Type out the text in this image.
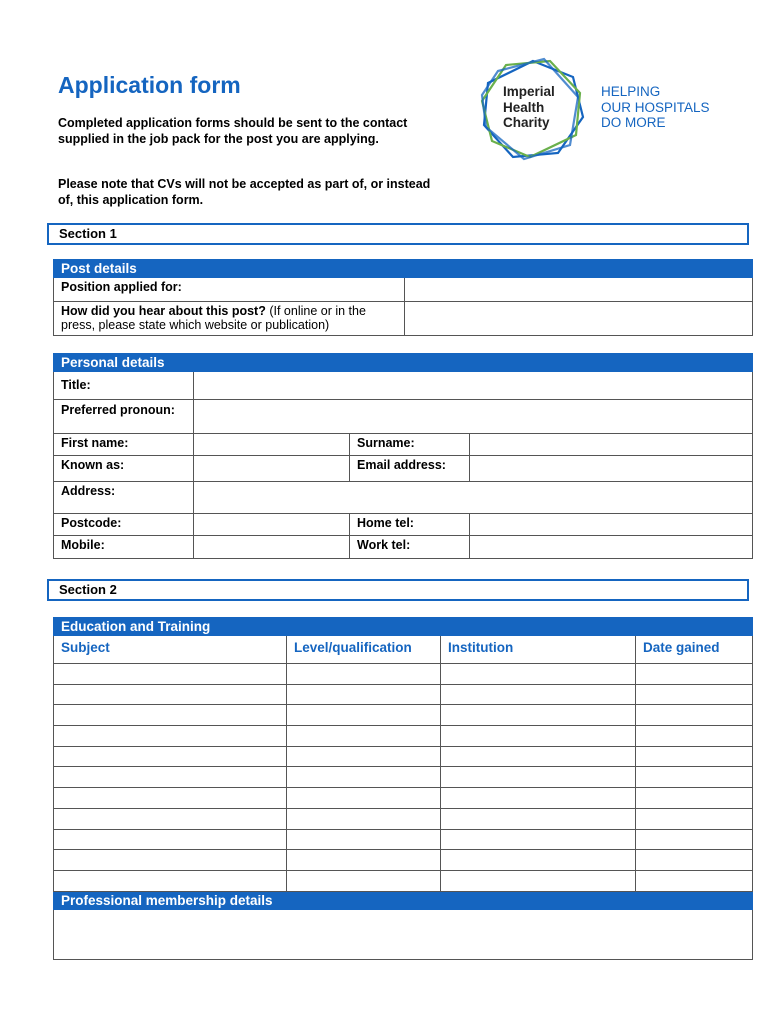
Application form
Completed application forms should be sent to the contact supplied in the job pack for the post you are applying.
Please note that CVs will not be accepted as part of, or instead of, this application form.
Imperial
Health
Charity
HELPING
OUR HOSPITALS
DO MORE
Section 1
Post details	
Position applied for:	
How did you hear about this post? (If online or in the press, please state which website or publication)	
Personal details			
Title:			
Preferred pronoun:			
First name:		Surname:	
Known as:		Email address:	
Address:			
Postcode:		Home tel:	
Mobile:		Work tel:	
Section 2
Education and Training			
Subject	Level/qualification	Institution	Date gained

Professional membership details			
